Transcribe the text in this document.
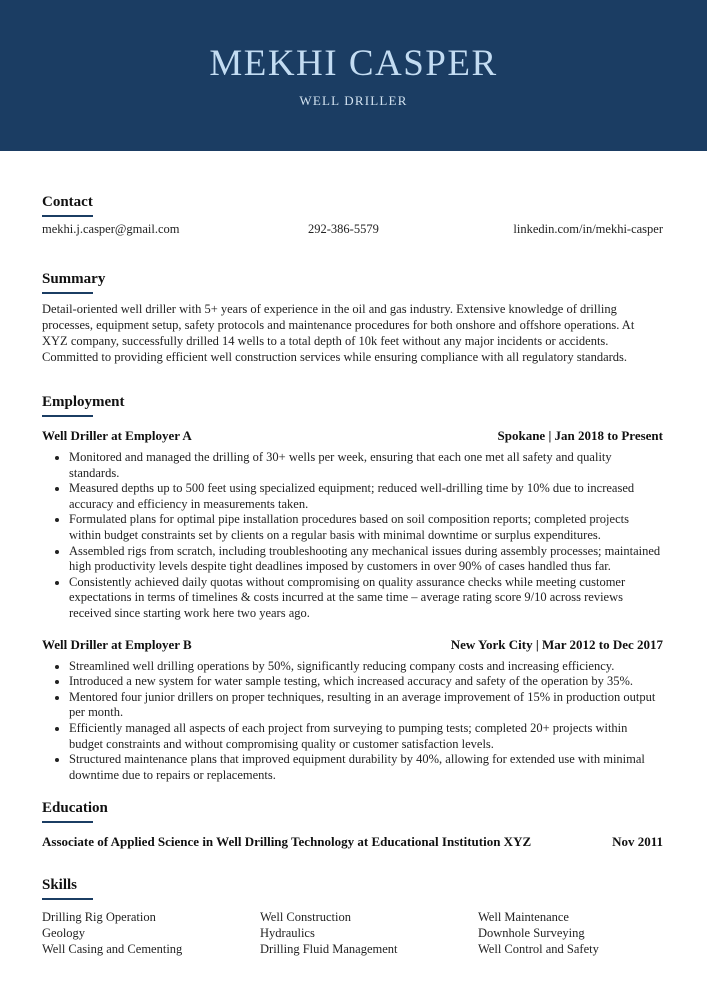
MEKHI CASPER
WELL DRILLER
Contact
mekhi.j.casper@gmail.com	292-386-5579	linkedin.com/in/mekhi-casper
Summary
Detail-oriented well driller with 5+ years of experience in the oil and gas industry. Extensive knowledge of drilling processes, equipment setup, safety protocols and maintenance procedures for both onshore and offshore operations. At XYZ company, successfully drilled 14 wells to a total depth of 10k feet without any major incidents or accidents. Committed to providing efficient well construction services while ensuring compliance with all regulatory standards.
Employment
Well Driller at Employer A	Spokane | Jan 2018 to Present
• Monitored and managed the drilling of 30+ wells per week, ensuring that each one met all safety and quality standards.
• Measured depths up to 500 feet using specialized equipment; reduced well-drilling time by 10% due to increased accuracy and efficiency in measurements taken.
• Formulated plans for optimal pipe installation procedures based on soil composition reports; completed projects within budget constraints set by clients on a regular basis with minimal downtime or surplus expenditures.
• Assembled rigs from scratch, including troubleshooting any mechanical issues during assembly processes; maintained high productivity levels despite tight deadlines imposed by customers in over 90% of cases handled thus far.
• Consistently achieved daily quotas without compromising on quality assurance checks while meeting customer expectations in terms of timelines & costs incurred at the same time – average rating score 9/10 across reviews received since starting work here two years ago.
Well Driller at Employer B	New York City | Mar 2012 to Dec 2017
• Streamlined well drilling operations by 50%, significantly reducing company costs and increasing efficiency.
• Introduced a new system for water sample testing, which increased accuracy and safety of the operation by 35%.
• Mentored four junior drillers on proper techniques, resulting in an average improvement of 15% in production output per month.
• Efficiently managed all aspects of each project from surveying to pumping tests; completed 20+ projects within budget constraints and without compromising quality or customer satisfaction levels.
• Structured maintenance plans that improved equipment durability by 40%, allowing for extended use with minimal downtime due to repairs or replacements.
Education
Associate of Applied Science in Well Drilling Technology at Educational Institution XYZ	Nov 2011
Skills
Drilling Rig Operation	Well Construction	Well Maintenance
Geology	Hydraulics	Downhole Surveying
Well Casing and Cementing	Drilling Fluid Management	Well Control and Safety
